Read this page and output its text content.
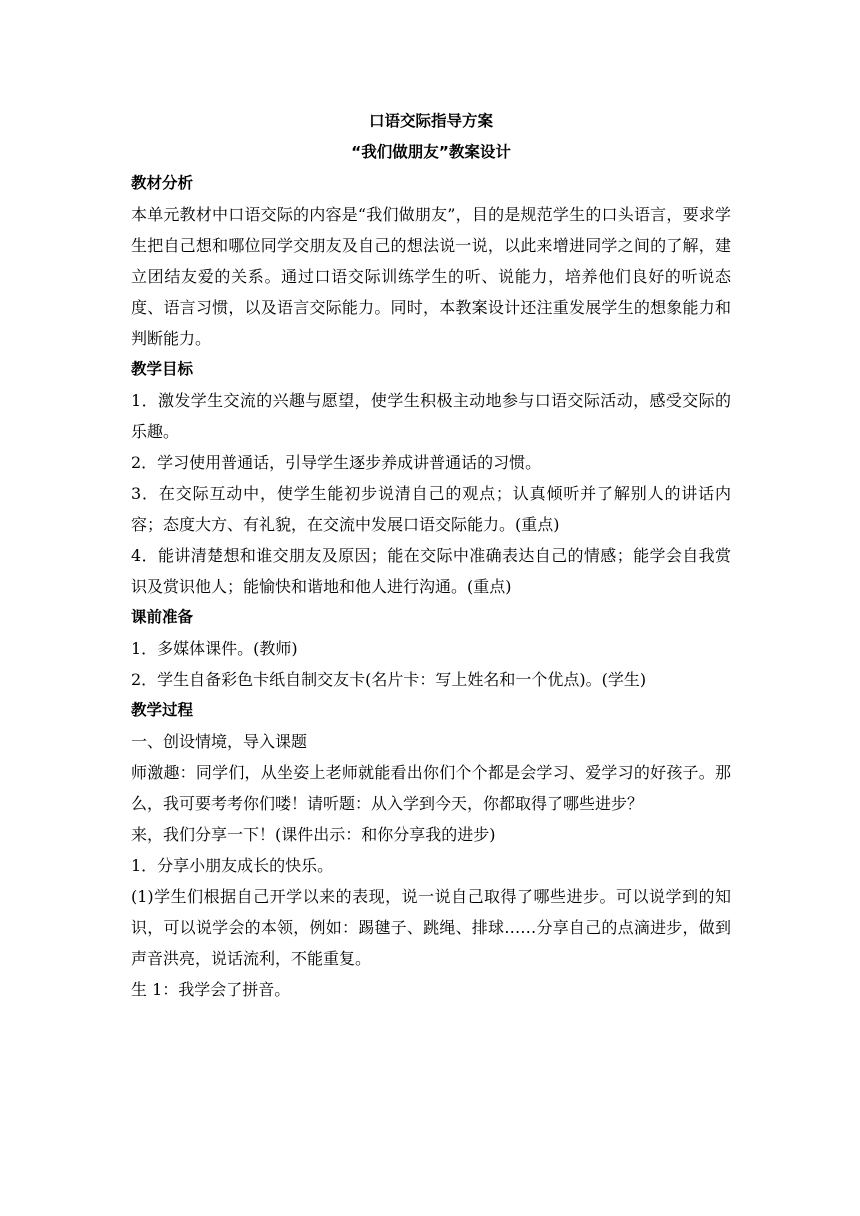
口语交际指导方案

“我们做朋友”教案设计

教材分析

本单元教材中口语交际的内容是“我们做朋友”，目的是规范学生的口头语言，要求学生把自己想和哪位同学交朋友及自己的想法说一说，以此来增进同学之间的了解，建立团结友爱的关系。通过口语交际训练学生的听、说能力，培养他们良好的听说态度、语言习惯，以及语言交际能力。同时，本教案设计还注重发展学生的想象能力和判断能力。

教学目标

1．激发学生交流的兴趣与愿望，使学生积极主动地参与口语交际活动，感受交际的乐趣。

2．学习使用普通话，引导学生逐步养成讲普通话的习惯。

3．在交际互动中，使学生能初步说清自己的观点；认真倾听并了解别人的讲话内容；态度大方、有礼貌，在交流中发展口语交际能力。(重点)

4．能讲清楚想和谁交朋友及原因；能在交际中准确表达自己的情感；能学会自我赏识及赏识他人；能愉快和谐地和他人进行沟通。(重点)

课前准备

1．多媒体课件。(教师)

2．学生自备彩色卡纸自制交友卡(名片卡：写上姓名和一个优点)。(学生)

教学过程

一、创设情境，导入课题

师激趣：同学们，从坐姿上老师就能看出你们个个都是会学习、爱学习的好孩子。那么，我可要考考你们喽！请听题：从入学到今天，你都取得了哪些进步？

来，我们分享一下！(课件出示：和你分享我的进步)

1．分享小朋友成长的快乐。

(1)学生们根据自己开学以来的表现，说一说自己取得了哪些进步。可以说学到的知识，可以说学会的本领，例如：踢毽子、跳绳、排球……分享自己的点滴进步，做到声音洪亮，说话流利，不能重复。

生 1：我学会了拼音。
